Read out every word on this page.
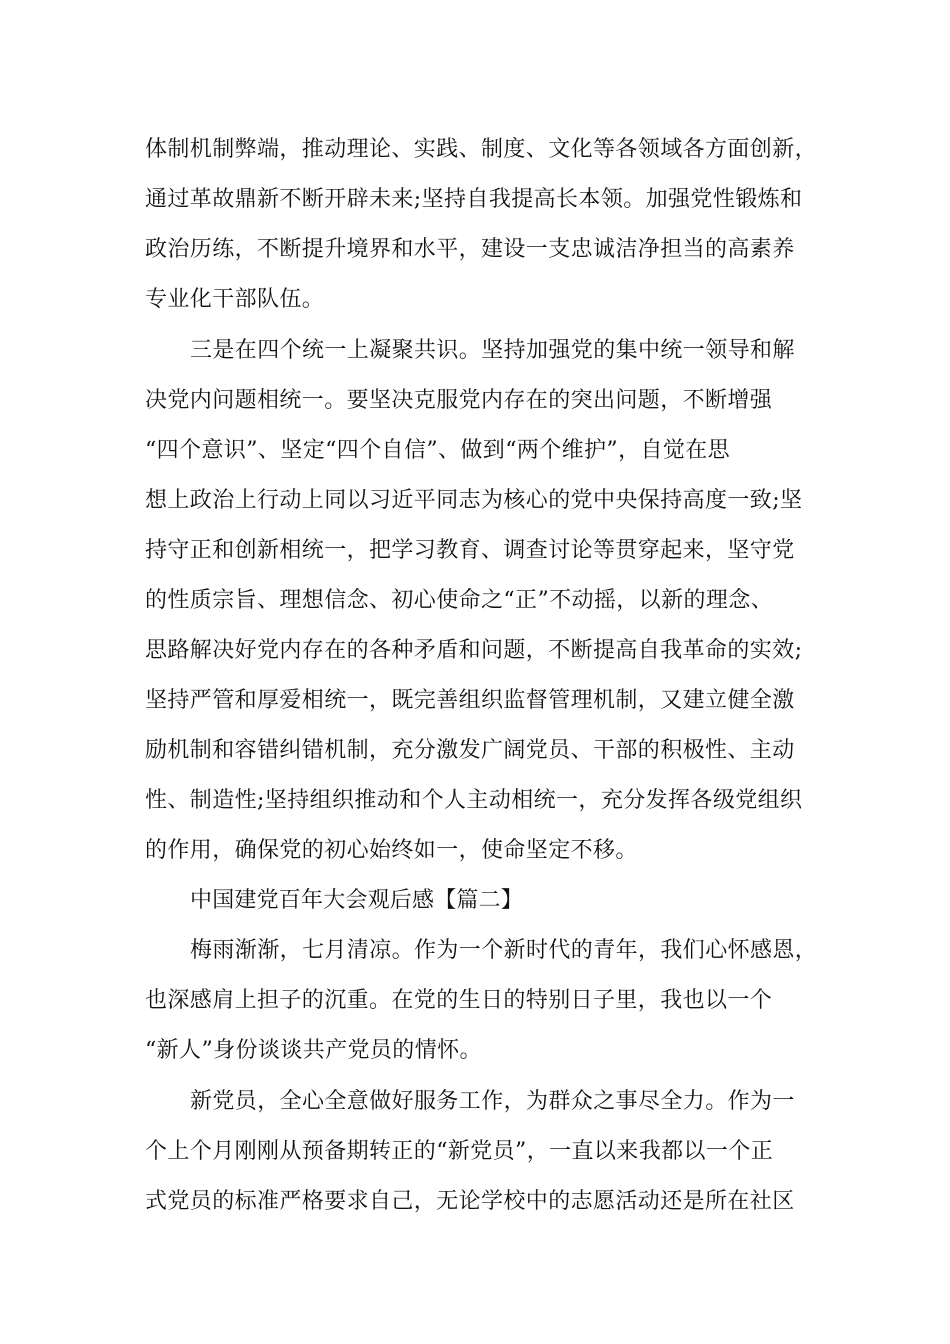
体制机制弊端，推动理论、实践、制度、文化等各领域各方面创新，

通过革故鼎新不断开辟未来;坚持自我提高长本领。加强党性锻炼和

政治历练，不断提升境界和水平，建设一支忠诚洁净担当的高素养

专业化干部队伍。

三是在四个统一上凝聚共识。坚持加强党的集中统一领导和解

决党内问题相统一。要坚决克服党内存在的突出问题，不断增强

“四个意识”、坚定“四个自信”、做到“两个维护”，自觉在思

想上政治上行动上同以习近平同志为核心的党中央保持高度一致;坚

持守正和创新相统一，把学习教育、调查讨论等贯穿起来，坚守党

的性质宗旨、理想信念、初心使命之“正”不动摇，以新的理念、

思路解决好党内存在的各种矛盾和问题，不断提高自我革命的实效;

坚持严管和厚爱相统一，既完善组织监督管理机制，又建立健全激

励机制和容错纠错机制，充分激发广阔党员、干部的积极性、主动

性、制造性;坚持组织推动和个人主动相统一，充分发挥各级党组织

的作用，确保党的初心始终如一，使命坚定不移。

中国建党百年大会观后感【篇二】

梅雨渐渐，七月清凉。作为一个新时代的青年，我们心怀感恩，

也深感肩上担子的沉重。在党的生日的特别日子里，我也以一个

“新人”身份谈谈共产党员的情怀。

新党员，全心全意做好服务工作，为群众之事尽全力。作为一

个上个月刚刚从预备期转正的“新党员”，一直以来我都以一个正

式党员的标准严格要求自己，无论学校中的志愿活动还是所在社区
